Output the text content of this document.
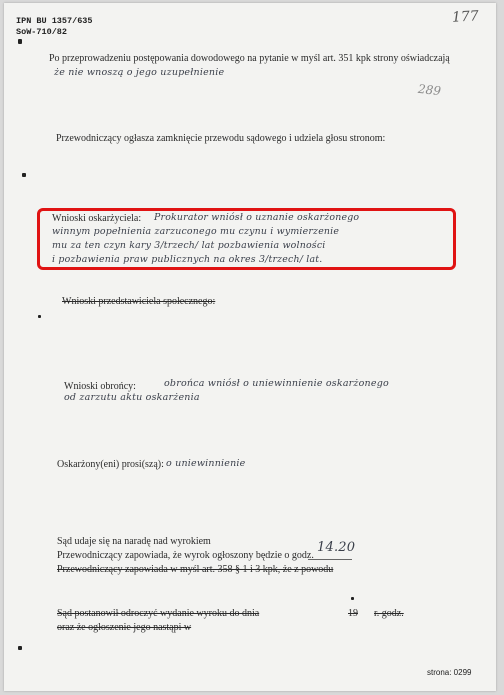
IPN BU 1357/635
SoW-710/82
177
Po przeprowadzeniu postępowania dowodowego na pytanie w myśl art. 351 kpk strony oświadczają
że nie wnoszą o jego uzupełnienie
289
Przewodniczący ogłasza zamknięcie przewodu sądowego i udziela głosu stronom:
Wnioski oskarżyciela: Prokurator wniósł o uznanie oskarżonego
winnym popełnienia zarzuconego mu czynu i wymierzenie
mu za ten czyn kary 3/trzech/ lat pozbawienia wolności
i pozbawienia praw publicznych na okres 3/trzech/ lat.
Wnioski przedstawiciela społecznego:
Wnioski obrońcy:	obrońca wniósł o uniewinnienie oskarżonego
od zarzutu aktu oskarżenia
Oskarżony(eni) prosi(szą): o uniewinnienie
Sąd udaje się na naradę nad wyrokiem
Przewodniczący zapowiada, że wyrok ogłoszony będzie o godz.
14.20
Przewodniczący zapowiada w myśl art. 358 § 1 i 3 kpk, że z powodu
Sąd postanowił odroczyć wydanie wyroku do dnia	19 r. godz.
oraz że ogłoszenie jego nastąpi w
strona: 0299
